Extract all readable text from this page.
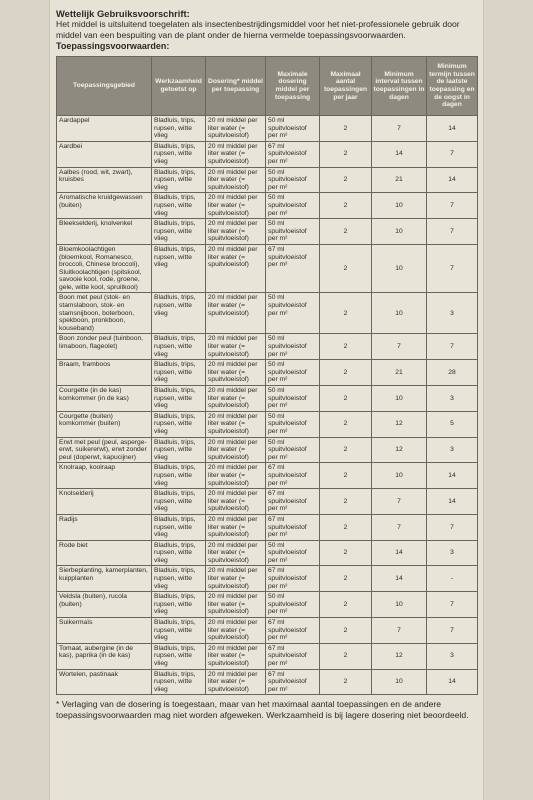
Wettelijk Gebruiksvoorschrift:
Het middel is uitsluitend toegelaten als insectenbestrijdingsmiddel voor het niet-professionele gebruik door middel van een bespuiting van de plant onder de hierna vermelde toepassingsvoorwaarden.
Toepassingsvoorwaarden:
Toepassingsgebied	Werkzaamheid getoetst op	Dosering* middel per toepassing	Maximale dosering middel per toepassing	Maximaal aantal toepassingen per jaar	Minimum interval tussen toepassingen in dagen	Minimum termijn tussen de laatste toepassing en de oogst in dagen
Aardappel	Bladluis, trips, rupsen, witte vlieg	20 ml middel per liter water (= spuitvloeistof)	50 ml spuitvloeistof per m²	2	7	14
Aardbei	Bladluis, trips, rupsen, witte vlieg	20 ml middel per liter water (= spuitvloeistof)	67 ml spuitvloeistof per m²	2	14	7
Aalbes (rood, wit, zwart), kruisbes	Bladluis, trips, rupsen, witte vlieg	20 ml middel per liter water (= spuitvloeistof)	50 ml spuitvloeistof per m²	2	21	14
Aromatische kruidgewassen (buiten)	Bladluis, trips, rupsen, witte vlieg	20 ml middel per liter water (= spuitvloeistof)	50 ml spuitvloeistof per m²	2	10	7
Bleekselderij, knolvenkel	Bladluis, trips, rupsen, witte vlieg	20 ml middel per liter water (= spuitvloeistof)	50 ml spuitvloeistof per m²	2	10	7
Bloemkoolachtigen (bloemkool, Romanesco, broccoli, Chinese broccoli), Sluitkoolachtigen (spitskool, savooie kool, rode, groene, gele, witte kool, spruitkool)	Bladluis, trips, rupsen, witte vlieg	20 ml middel per liter water (= spuitvloeistof)	67 ml spuitvloeistof per m²	2	10	7
Boon met peul (stok- en stamslaboon, stok- en stamsnijboon, boterboon, spekboon, pronkboon, kouseband)	Bladluis, trips, rupsen, witte vlieg	20 ml middel per liter water (= spuitvloeistof)	50 ml spuitvloeistof per m²	2	10	3
Boon zonder peul (tuinboon, limaboon, flageolet)	Bladluis, trips, rupsen, witte vlieg	20 ml middel per liter water (= spuitvloeistof)	50 ml spuitvloeistof per m²	2	7	7
Braam, framboos	Bladluis, trips, rupsen, witte vlieg	20 ml middel per liter water (= spuitvloeistof)	50 ml spuitvloeistof per m²	2	21	28
Courgette (in de kas) komkommer (in de kas)	Bladluis, trips, rupsen, witte vlieg	20 ml middel per liter water (= spuitvloeistof)	50 ml spuitvloeistof per m²	2	10	3
Courgette (buiten) komkommer (buiten)	Bladluis, trips, rupsen, witte vlieg	20 ml middel per liter water (= spuitvloeistof)	50 ml spuitvloeistof per m²	2	12	5
Erwt met peul (peul, asperge-erwt, suikererwt), erwt zonder peul (doperwt, kapucijner)	Bladluis, trips, rupsen, witte vlieg	20 ml middel per liter water (= spuitvloeistof)	50 ml spuitvloeistof per m²	2	12	3
Knolraap, koolraap	Bladluis, trips, rupsen, witte vlieg	20 ml middel per liter water (= spuitvloeistof)	67 ml spuitvloeistof per m²	2	10	14
Knolselderij	Bladluis, trips, rupsen, witte vlieg	20 ml middel per liter water (= spuitvloeistof)	67 ml spuitvloeistof per m²	2	7	14
Radijs	Bladluis, trips, rupsen, witte vlieg	20 ml middel per liter water (= spuitvloeistof)	67 ml spuitvloeistof per m²	2	7	7
Rode biet	Bladluis, trips, rupsen, witte vlieg	20 ml middel per liter water (= spuitvloeistof)	50 ml spuitvloeistof per m²	2	14	3
Sierbeplanting, kamerplanten, kuipplanten	Bladluis, trips, rupsen, witte vlieg	20 ml middel per liter water (= spuitvloeistof)	67 ml spuitvloeistof per m²	2	14	-
Veldsla (buiten), rucola (buiten)	Bladluis, trips, rupsen, witte vlieg	20 ml middel per liter water (= spuitvloeistof)	50 ml spuitvloeistof per m²	2	10	7
Suikermaïs	Bladluis, trips, rupsen, witte vlieg	20 ml middel per liter water (= spuitvloeistof)	67 ml spuitvloeistof per m²	2	7	7
Tomaat, aubergine (in de kas), paprika (in de kas)	Bladluis, trips, rupsen, witte vlieg	20 ml middel per liter water (= spuitvloeistof)	67 ml spuitvloeistof per m²	2	12	3
Wortelen, pastinaak	Bladluis, trips, rupsen, witte vlieg	20 ml middel per liter water (= spuitvloeistof)	67 ml spuitvloeistof per m²	2	10	14
* Verlaging van de dosering is toegestaan, maar van het maximaal aantal toepassingen en de andere toepassingsvoorwaarden mag niet worden afgeweken. Werkzaamheid is bij lagere dosering niet beoordeeld.
